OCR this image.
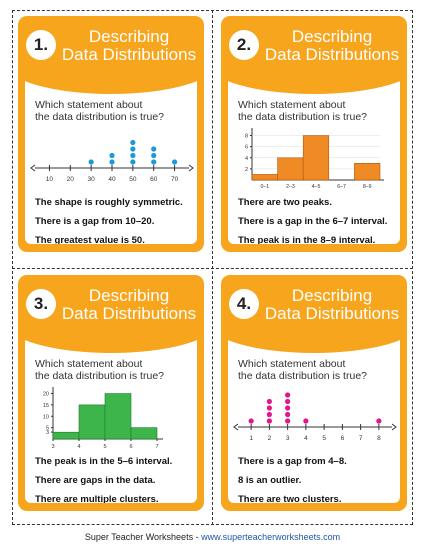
1.	Describing
Data Distributions
Which statement about
the data distribution is true?
10 20 30 40 50 60 70
The shape is roughly symmetric.
There is a gap from 10–20.
The greatest value is 50.
2.	Describing
Data Distributions
Which statement about
the data distribution is true?
2
4
6
8
0–1	2–3	4–5	6–7	8–9
There are two peaks.
There is a gap in the 6–7 interval.
The peak is in the 8–9 interval.
3.	Describing
Data Distributions
Which statement about
the data distribution is true?
3
5
10
15
20
3	4	5	6	7
The peak is in the 5–6 interval.
There are gaps in the data.
There are multiple clusters.
4.	Describing
Data Distributions
Which statement about
the data distribution is true?
1 2 3 4 5 6 7 8
There is a gap from 4–8.
8 is an outlier.
There are two clusters.
Super Teacher Worksheets - www.superteacherworksheets.com
